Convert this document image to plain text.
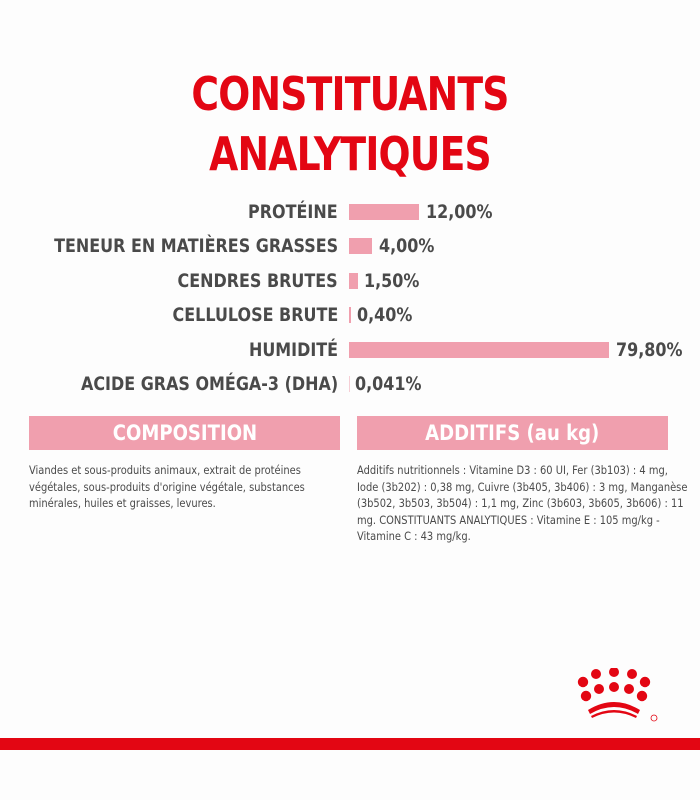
CONSTITUANTS ANALYTIQUES
PROTÉINE	12,00%
TENEUR EN MATIÈRES GRASSES 4,00%
CENDRES BRUTES 1,50%
CELLULOSE BRUTE 0,40%
HUMIDITÉ	79,80%
ACIDE GRAS OMÉGA-3 (DHA) 0,041%
COMPOSITION
Viandes et sous-produits animaux, extrait de protéines végétales, sous-produits d'origine végétale, substances minérales, huiles et graisses, levures.
ADDITIFS (au kg)
Additifs nutritionnels : Vitamine D3 : 60 UI, Fer (3b103) : 4 mg, Iode (3b202) : 0,38 mg, Cuivre (3b405, 3b406) : 3 mg, Manganèse (3b502, 3b503, 3b504) : 1,1 mg, Zinc (3b603, 3b605, 3b606) : 11 mg. CONSTITUANTS ANALYTIQUES : Vitamine E : 105 mg/kg - Vitamine C : 43 mg/kg.
